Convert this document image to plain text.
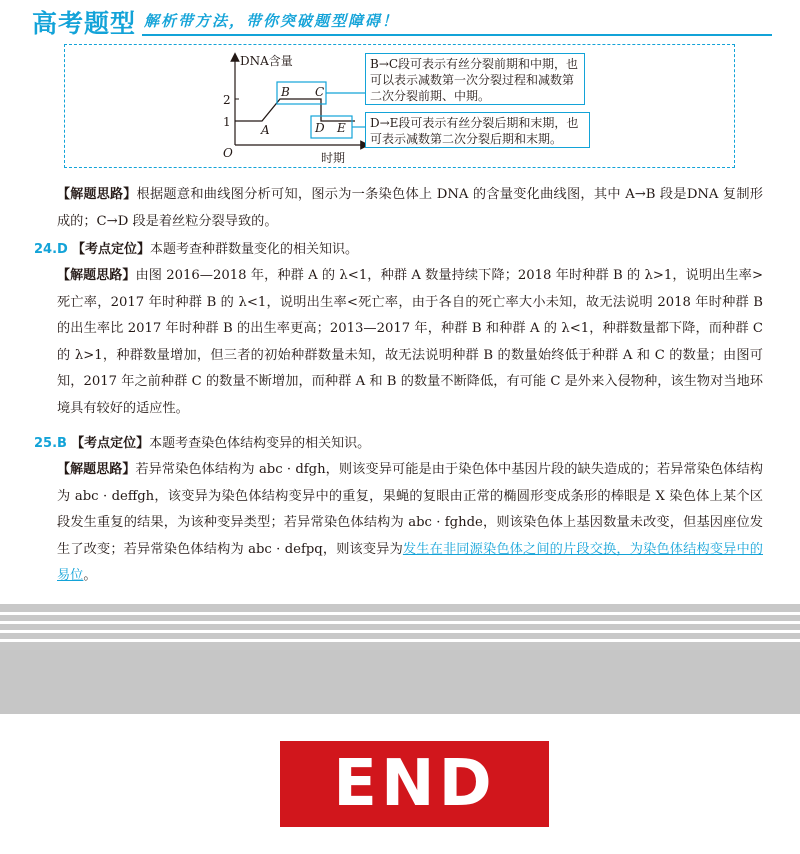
高考题型 解析带方法，带你突破题型障碍！
DNA含量
时期
O
2
1
A
B C
D E
B→C段可表示有丝分裂前期和中期，也可以表示减数第一次分裂过程和减数第二次分裂前期、中期。
D→E段可表示有丝分裂后期和末期，也可表示减数第二次分裂后期和末期。
【解题思路】根据题意和曲线图分析可知，图示为一条染色体上 DNA 的含量变化曲线图，其中 A→B 段是DNA 复制形成的；C→D 段是着丝粒分裂导致的。
24.D 【考点定位】本题考查种群数量变化的相关知识。
【解题思路】由图 2016—2018 年，种群 A 的 λ<1，种群 A 数量持续下降；2018 年时种群 B 的 λ>1，说明出生率>死亡率，2017 年时种群 B 的 λ<1，说明出生率<死亡率，由于各自的死亡率大小未知，故无法说明 2018 年时种群 B 的出生率比 2017 年时种群 B 的出生率更高；2013—2017 年，种群 B 和种群 A 的 λ<1，种群数量都下降，而种群 C 的 λ>1，种群数量增加，但三者的初始种群数量未知，故无法说明种群 B 的数量始终低于种群 A 和 C 的数量；由图可知，2017 年之前种群 C 的数量不断增加，而种群 A 和 B 的数量不断降低，有可能 C 是外来入侵物种，该生物对当地环境具有较好的适应性。
25.B 【考点定位】本题考查染色体结构变异的相关知识。
【解题思路】若异常染色体结构为 abc · dfgh，则该变异可能是由于染色体中基因片段的缺失造成的；若异常染色体结构为 abc · deffgh，该变异为染色体结构变异中的重复，果蝇的复眼由正常的椭圆形变成条形的棒眼是 X 染色体上某个区段发生重复的结果，为该种变异类型；若异常染色体结构为 abc · fghde，则该染色体上基因数量未改变，但基因座位发生了改变；若异常染色体结构为 abc · defpq，则该变异为发生在非同源染色体之间的片段交换，为染色体结构变异中的易位。
END
